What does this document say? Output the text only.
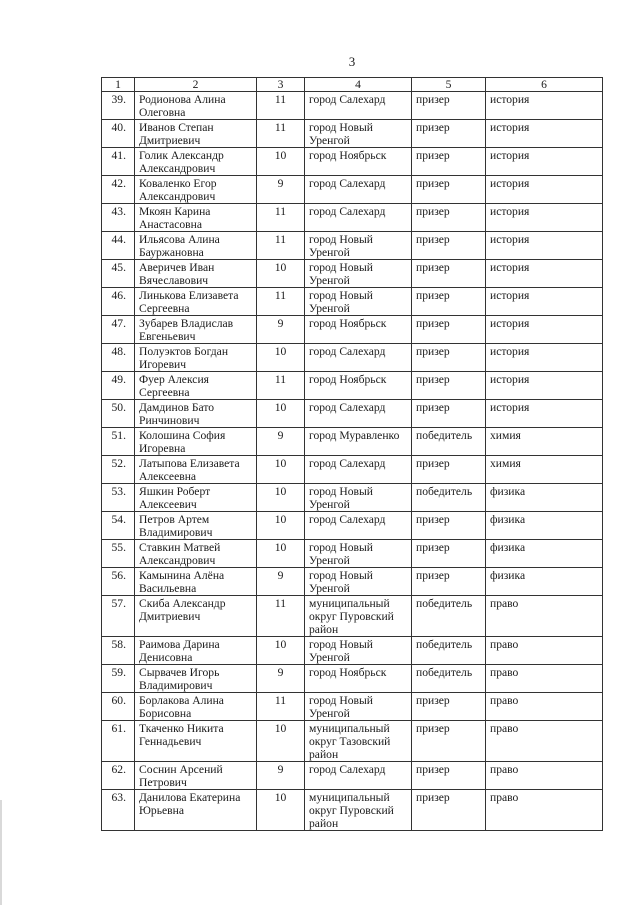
3
1	2	3	4	5	6
39.	Родионова Алина Олеговна	11	город Салехард	призер	история
40.	Иванов Степан Дмитриевич	11	город Новый Уренгой	призер	история
41.	Голик Александр Александрович	10	город Ноябрьск	призер	история
42.	Коваленко Егор Александрович	9	город Салехард	призер	история
43.	Мкоян Карина Анастасовна	11	город Салехард	призер	история
44.	Ильясова Алина Бауржановна	11	город Новый Уренгой	призер	история
45.	Аверичев Иван Вячеславович	10	город Новый Уренгой	призер	история
46.	Линькова Елизавета Сергеевна	11	город Новый Уренгой	призер	история
47.	Зубарев Владислав Евгеньевич	9	город Ноябрьск	призер	история
48.	Полуэктов Богдан Игоревич	10	город Салехард	призер	история
49.	Фуер Алексия Сергеевна	11	город Ноябрьск	призер	история
50.	Дамдинов Бато Ринчинович	10	город Салехард	призер	история
51.	Колошина София Игоревна	9	город Муравленко	победитель	химия
52.	Латыпова Елизавета Алексеевна	10	город Салехард	призер	химия
53.	Яшкин Роберт Алексеевич	10	город Новый Уренгой	победитель	физика
54.	Петров Артем Владимирович	10	город Салехард	призер	физика
55.	Ставкин Матвей Александрович	10	город Новый Уренгой	призер	физика
56.	Камынина Алёна Васильевна	9	город Новый Уренгой	призер	физика
57.	Скиба Александр Дмитриевич	11	муниципальный округ Пуровский район	победитель	право
58.	Раимова Дарина Денисовна	10	город Новый Уренгой	победитель	право
59.	Сырвачев Игорь Владимирович	9	город Ноябрьск	победитель	право
60.	Борлакова Алина Борисовна	11	город Новый Уренгой	призер	право
61.	Ткаченко Никита Геннадьевич	10	муниципальный округ Тазовский район	призер	право
62.	Соснин Арсений Петрович	9	город Салехард	призер	право
63.	Данилова Екатерина Юрьевна	10	муниципальный округ Пуровский район	призер	право
